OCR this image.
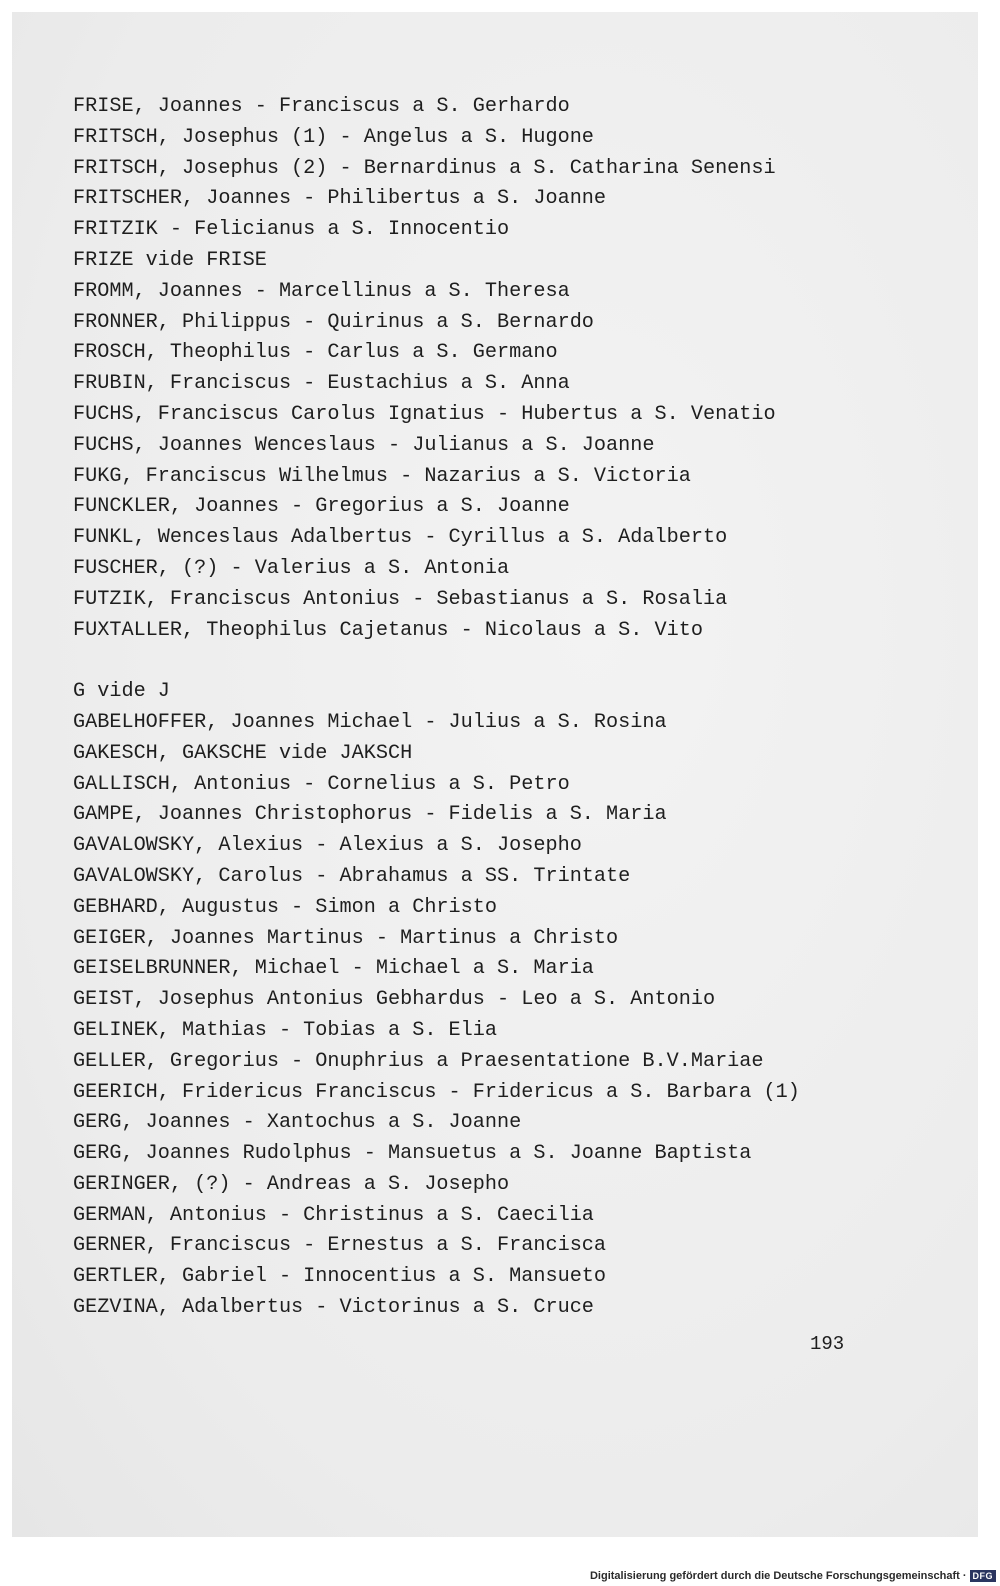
FRISE, Joannes - Franciscus a S. Gerhardo
FRITSCH, Josephus (1) - Angelus a S. Hugone
FRITSCH, Josephus (2) - Bernardinus a S. Catharina Senensi
FRITSCHER, Joannes - Philibertus a S. Joanne
FRITZIK - Felicianus a S. Innocentio
FRIZE vide FRISE
FROMM, Joannes - Marcellinus a S. Theresa
FRONNER, Philippus - Quirinus a S. Bernardo
FROSCH, Theophilus - Carlus a S. Germano
FRUBIN, Franciscus - Eustachius a S. Anna
FUCHS, Franciscus Carolus Ignatius - Hubertus a S. Venatio
FUCHS, Joannes Wenceslaus - Julianus a S. Joanne
FUKG, Franciscus Wilhelmus - Nazarius a S. Victoria
FUNCKLER, Joannes - Gregorius a S. Joanne
FUNKL, Wenceslaus Adalbertus - Cyrillus a S. Adalberto
FUSCHER, (?) - Valerius a S. Antonia
FUTZIK, Franciscus Antonius - Sebastianus a S. Rosalia
FUXTALLER, Theophilus Cajetanus - Nicolaus a S. Vito
G vide J
GABELHOFFER, Joannes Michael - Julius a S. Rosina
GAKESCH, GAKSCHE vide JAKSCH
GALLISCH, Antonius - Cornelius a S. Petro
GAMPE, Joannes Christophorus - Fidelis a S. Maria
GAVALOWSKY, Alexius - Alexius a S. Josepho
GAVALOWSKY, Carolus - Abrahamus a SS. Trintate
GEBHARD, Augustus - Simon a Christo
GEIGER, Joannes Martinus - Martinus a Christo
GEISELBRUNNER, Michael - Michael a S. Maria
GEIST, Josephus Antonius Gebhardus - Leo a S. Antonio
GELINEK, Mathias - Tobias a S. Elia
GELLER, Gregorius - Onuphrius a Praesentatione B.V.Mariae
GEERICH, Fridericus Franciscus - Fridericus a S. Barbara (1)
GERG, Joannes - Xantochus a S. Joanne
GERG, Joannes Rudolphus - Mansuetus a S. Joanne Baptista
GERINGER, (?) - Andreas a S. Josepho
GERMAN, Antonius - Christinus a S. Caecilia
GERNER, Franciscus - Ernestus a S. Francisca
GERTLER, Gabriel - Innocentius a S. Mansueto
GEZVINA, Adalbertus - Victorinus a S. Cruce
193
Digitalisierung gefördert durch die Deutsche Forschungsgemeinschaft · DFG
